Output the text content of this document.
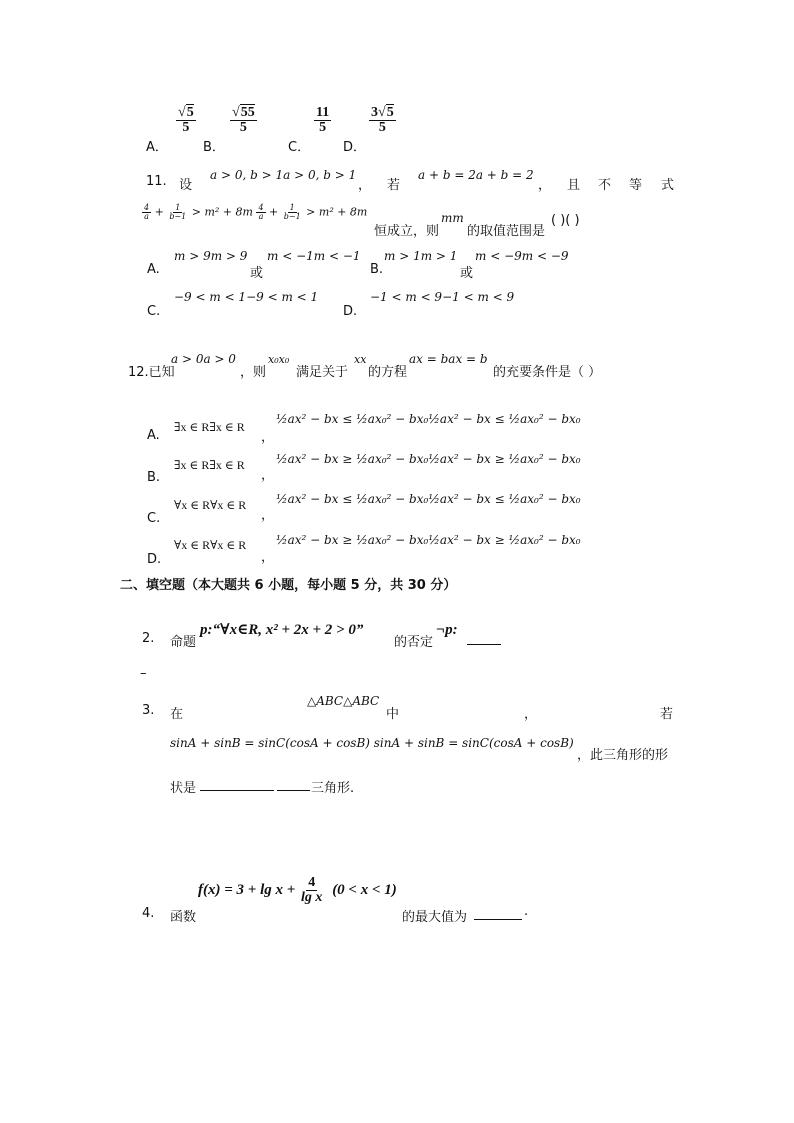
A．
$\frac{√5}{5}$
B．
$\frac{√55}{5}$
C．
$\frac{11}{5}$
D．
$\frac{3√5}{5}$
11. 设
a > 0, b > 1a > 0, b > 1
， 若
a + b = 2a + b = 2
， 且 不 等 式
$\frac{4}{a} + \frac{1}{b-1} > m^2 + 8m \frac{4}{a} + \frac{1}{b-1} > m^2 + 8m$
恒成立，则
mm
的取值范围是
( )( )
A.
m > 9m > 9
或
m < −1m < −1
B.
m > 1m > 1
或
m < −9m < −9
C.
−9 < m < 1−9 < m < 1
D.
−1 < m < 9−1 < m < 9
12.已知
a > 0a > 0
，则
x₀x₀
满足关于
xx
的方程
ax = bax = b
的充要条件是（ ）
A.
∃x ∈ R∃x ∈ R
，
½ax² − bx ≤ ½ax₀² − bx₀½ax² − bx ≤ ½ax₀² − bx₀
B.
∃x ∈ R∃x ∈ R
，
½ax² − bx ≥ ½ax₀² − bx₀½ax² − bx ≥ ½ax₀² − bx₀
C.
∀x ∈ R∀x ∈ R
，
½ax² − bx ≤ ½ax₀² − bx₀½ax² − bx ≤ ½ax₀² − bx₀
D.
∀x ∈ R∀x ∈ R
，
½ax² − bx ≥ ½ax₀² − bx₀½ax² − bx ≥ ½ax₀² − bx₀
二、填空题（本大题共 6 小题，每小题 5 分，共 30 分）
2. 命题
p:“∀x∈R, x² + 2x + 2 > 0”
的否定
¬p:
–
3. 在
△ABC△ABC
中	，	若
sinA + sinB = sinC(cosA + cosB) sinA + sinB = sinC(cosA + cosB)
，此三角形的形
状是	三角形.
4. 函数
$f(x) = 3 + \lg x + \frac{4}{\text{lg x}} (0 < x < 1)$
的最大值为	.
